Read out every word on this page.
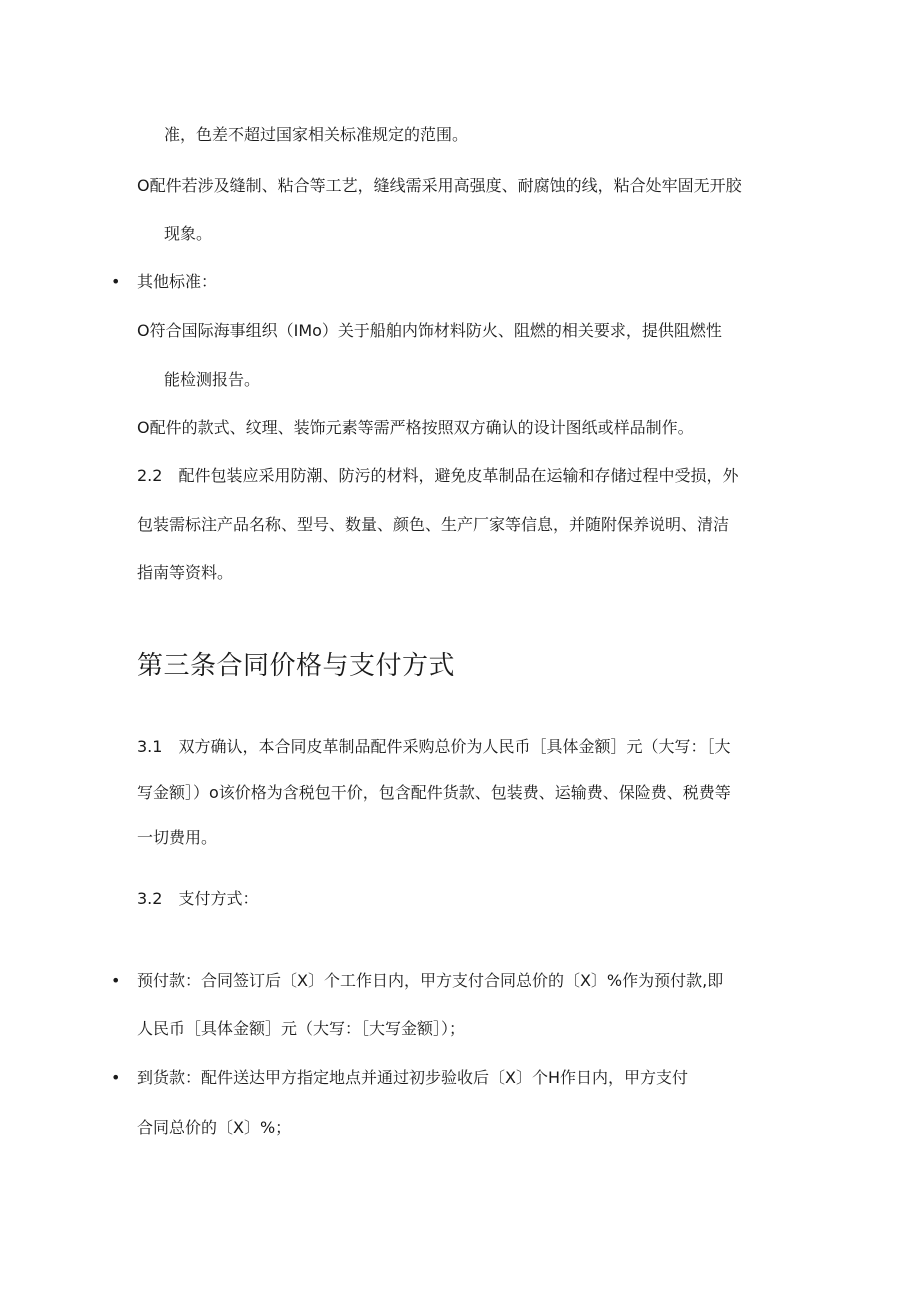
准，色差不超过国家相关标准规定的范围。
O配件若涉及缝制、粘合等工艺，缝线需采用高强度、耐腐蚀的线，粘合处牢固无开胶
现象。
• 其他标准：
O符合国际海事组织（IMo）关于船舶内饰材料防火、阻燃的相关要求，提供阻燃性
能检测报告。
O配件的款式、纹理、装饰元素等需严格按照双方确认的设计图纸或样品制作。
2.2　配件包装应采用防潮、防污的材料，避免皮革制品在运输和存储过程中受损，外
包装需标注产品名称、型号、数量、颜色、生产厂家等信息，并随附保养说明、清洁
指南等资料。
第三条合同价格与支付方式
3.1　双方确认，本合同皮革制品配件采购总价为人民币［具体金额］元（大写：［大
写金额］）o该价格为含税包干价，包含配件货款、包装费、运输费、保险费、税费等
一切费用。
3.2　支付方式：
• 预付款：合同签订后〔X〕个工作日内，甲方支付合同总价的〔X〕%作为预付款,即
人民币［具体金额］元（大写：［大写金额］）；
• 到货款：配件送达甲方指定地点并通过初步验收后〔X〕个H作日内，甲方支付
合同总价的〔X〕%；
